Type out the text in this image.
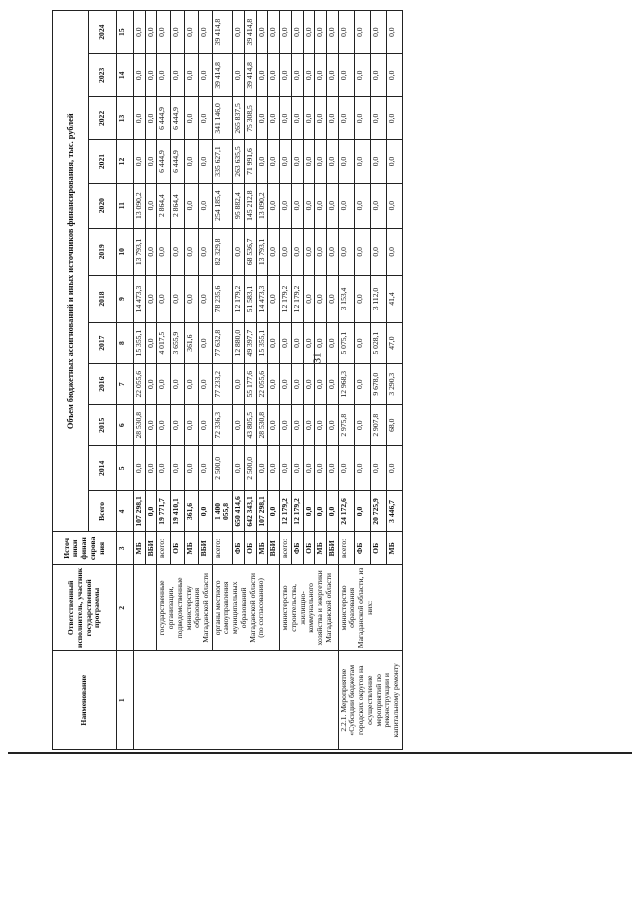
31
Наименование	Ответственный исполнитель, участник государственной программы	Источ ники финан сирова ния	Объем бюджетных ассигнований и иных источников финансирования, тыс. рублей											
			Всего	2014	2015	2016	2017	2018	2019	2020	2021	2022	2023	2024
1	2	3	4	5	6	7	8	9	10	11	12	13	14	15
		МБ	107 298,1	0,0	28 530,8	22 055,6	15 355,1	14 473,3	13 793,1	13 090,2	0,0	0,0	0,0	0,0
		ВБИ	0,0	0,0	0,0	0,0	0,0	0,0	0,0	0,0	0,0	0,0	0,0	0,0
	государственные организации, подведомственные министерству образования Магаданской области	всего:	19 771,7	0,0	0,0	0,0	4 017,5	0,0	0,0	2 864,4	6 444,9	6 444,9	0,0	0,0
		ОБ	19 410,1	0,0	0,0	0,0	3 655,9	0,0	0,0	2 864,4	6 444,9	6 444,9	0,0	0,0
		МБ	361,6	0,0	0,0	0,0	361,6	0,0	0,0	0,0	0,0	0,0	0,0	0,0
		ВБИ	0,0	0,0	0,0	0,0	0,0	0,0	0,0	0,0	0,0	0,0	0,0	0,0
	органы местного самоуправления муниципальных образований Магаданской области (по согласованию)	всего:	1 400 055,8	2 500,0	72 336,3	77 233,2	77 632,8	78 235,6	82 329,8	254 185,4	335 627,1	341 146,0	39 414,8	39 414,8
		ФБ	650 414,6	0,0	0,0	0,0	12 880,0	12 179,2	0,0	95 882,4	263 635,5	265 837,5	0,0	0,0
		ОБ	642 343,1	2 500,0	43 805,5	55 177,6	49 397,7	51 583,1	68 536,7	145 212,8	71 991,6	75 308,5	39 414,8	39 414,8
		МБ	107 298,1	0,0	28 530,8	22 055,6	15 355,1	14 473,3	13 793,1	13 090,2	0,0	0,0	0,0	0,0
		ВБИ	0,0	0,0	0,0	0,0	0,0	0,0	0,0	0,0	0,0	0,0	0,0	0,0
	министерство строительства, жилищно-коммунального хозяйства и энергетики Магаданской области	всего:	12 179,2	0,0	0,0	0,0	0,0	12 179,2	0,0	0,0	0,0	0,0	0,0	0,0
		ФБ	12 179,2	0,0	0,0	0,0	0,0	12 179,2	0,0	0,0	0,0	0,0	0,0	0,0
		ОБ	0,0	0,0	0,0	0,0	0,0	0,0	0,0	0,0	0,0	0,0	0,0	0,0
		МБ	0,0	0,0	0,0	0,0	0,0	0,0	0,0	0,0	0,0	0,0	0,0	0,0
		ВБИ	0,0	0,0	0,0	0,0	0,0	0,0	0,0	0,0	0,0	0,0	0,0	0,0
2.2.1. Мероприятие «Субсидии бюджетам городских округов на осуществление мероприятий по реконструкции и капитальному ремонту	министерство образования Магаданской области, из них:	всего:	24 172,6	0,0	2 975,8	12 968,3	5 075,1	3 153,4	0,0	0,0	0,0	0,0	0,0	0,0
		ФБ	0,0	0,0	0,0	0,0	0,0	0,0	0,0	0,0	0,0	0,0	0,0	0,0
		ОБ	20 725,9	0,0	2 907,8	9 678,0	5 028,1	3 112,0	0,0	0,0	0,0	0,0	0,0	0,0
		МБ	3 446,7	0,0	68,0	3 290,3	47,0	41,4	0,0	0,0	0,0	0,0	0,0	0,0
